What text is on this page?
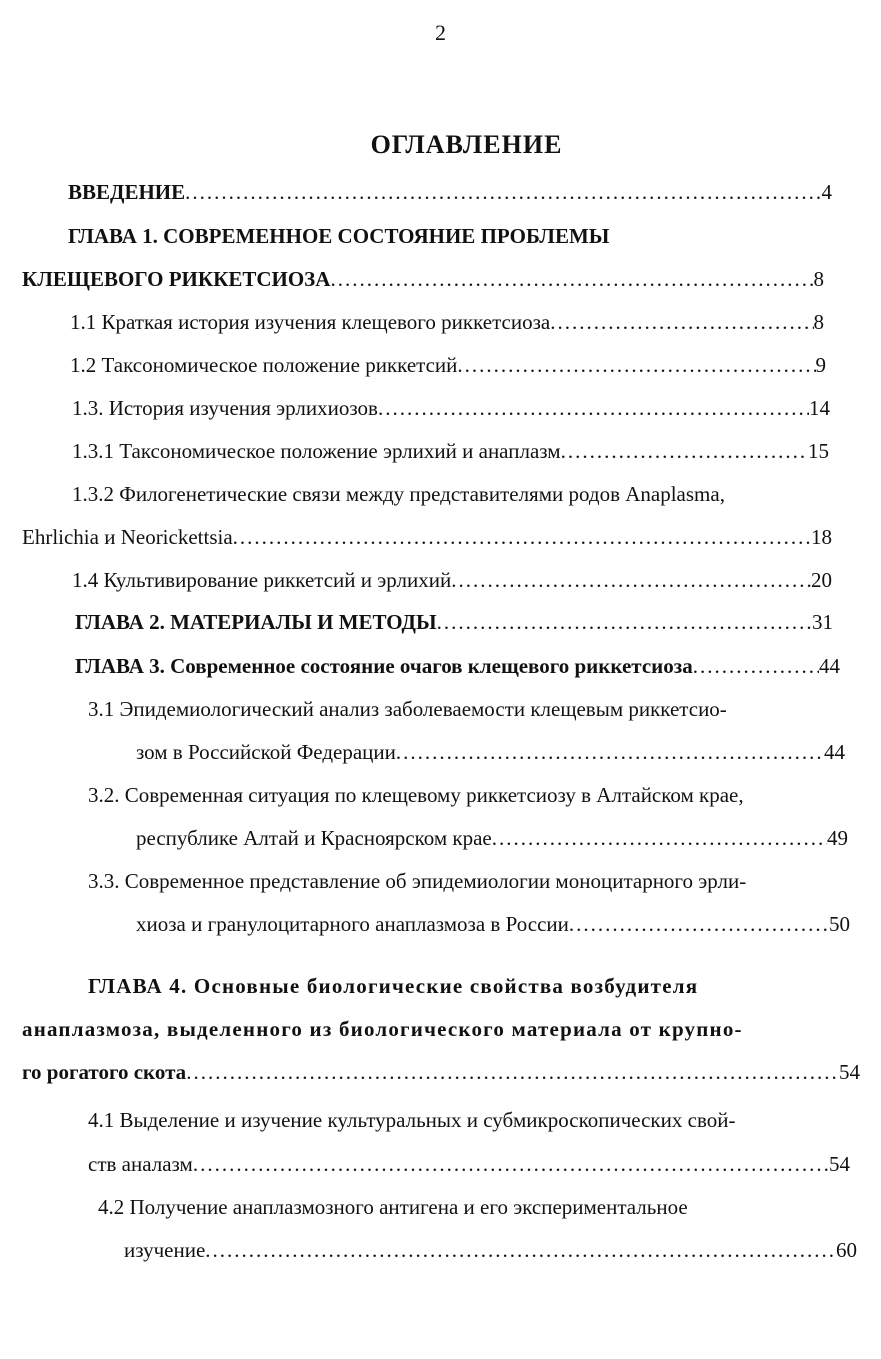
2
ОГЛАВЛЕНИЕ
ВВЕДЕНИЕ .....	4
ГЛАВА 1. СОВРЕМЕННОЕ СОСТОЯНИЕ ПРОБЛЕМЫ
КЛЕЩЕВОГО РИККЕТСИОЗА .....	8
1.1 Краткая история изучения клещевого риккетсиоза .....	8
1.2 Таксономическое положение риккетсий .....	9
1.3. История изучения эрлихиозов .....	14
1.3.1 Таксономическое положение эрлихий и анаплазм .....	15
1.3.2 Филогенетические связи между представителями родов Anaplasma,
Ehrlichia и Neorickettsia .....	18
1.4 Культивирование риккетсий и эрлихий .....	20
ГЛАВА 2. МАТЕРИАЛЫ И МЕТОДЫ .....	31
ГЛАВА 3. Современное состояние очагов клещевого риккетсиоза .....	44
3.1 Эпидемиологический анализ заболеваемости клещевым риккетсио-
зом в Российской Федерации .....	44
3.2. Современная ситуация по клещевому риккетсиозу в Алтайском крае,
республике Алтай и Красноярском крае .....	49
3.3. Современное представление об эпидемиологии моноцитарного эрли-
хиоза и гранулоцитарного анаплазмоза в России .....	50
ГЛАВА 4. Основные биологические свойства возбудителя
анаплазмоза, выделенного из биологического материала от крупно-
го рогатого скота .....	54
4.1 Выделение и изучение культуральных и субмикроскопических свой-
ств аналазм .....	54
4.2 Получение анаплазмозного антигена и его экспериментальное
изучение .....	60
